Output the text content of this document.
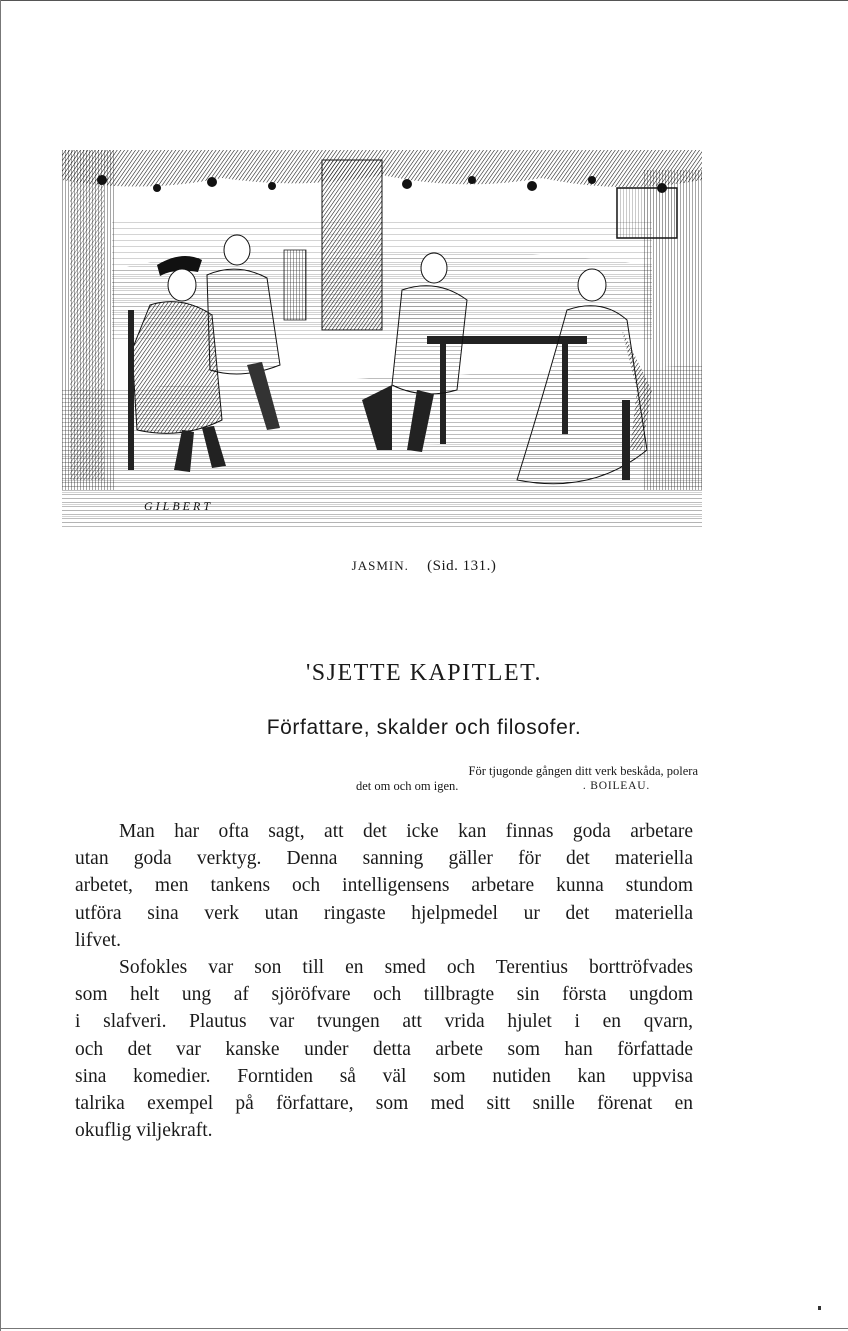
GILBERT
JASMIN. (Sid. 131.)
'SJETTE KAPITLET.
Författare, skalder och filosofer.
För tjugonde gången ditt verk beskåda, polera
det om och om igen.	. BOILEAU.
Man har ofta sagt, att det icke kan finnas goda arbetare
utan goda verktyg. Denna sanning gäller för det materiella
arbetet, men tankens och intelligensens arbetare kunna stundom
utföra sina verk utan ringaste hjelpmedel ur det materiella
lifvet.
Sofokles var son till en smed och Terentius borttröfvades
som helt ung af sjöröfvare och tillbragte sin första ungdom
i slafveri. Plautus var tvungen att vrida hjulet i en qvarn,
och det var kanske under detta arbete som han författade
sina komedier. Forntiden så väl som nutiden kan uppvisa
talrika exempel på författare, som med sitt snille förenat en
okuflig viljekraft.
